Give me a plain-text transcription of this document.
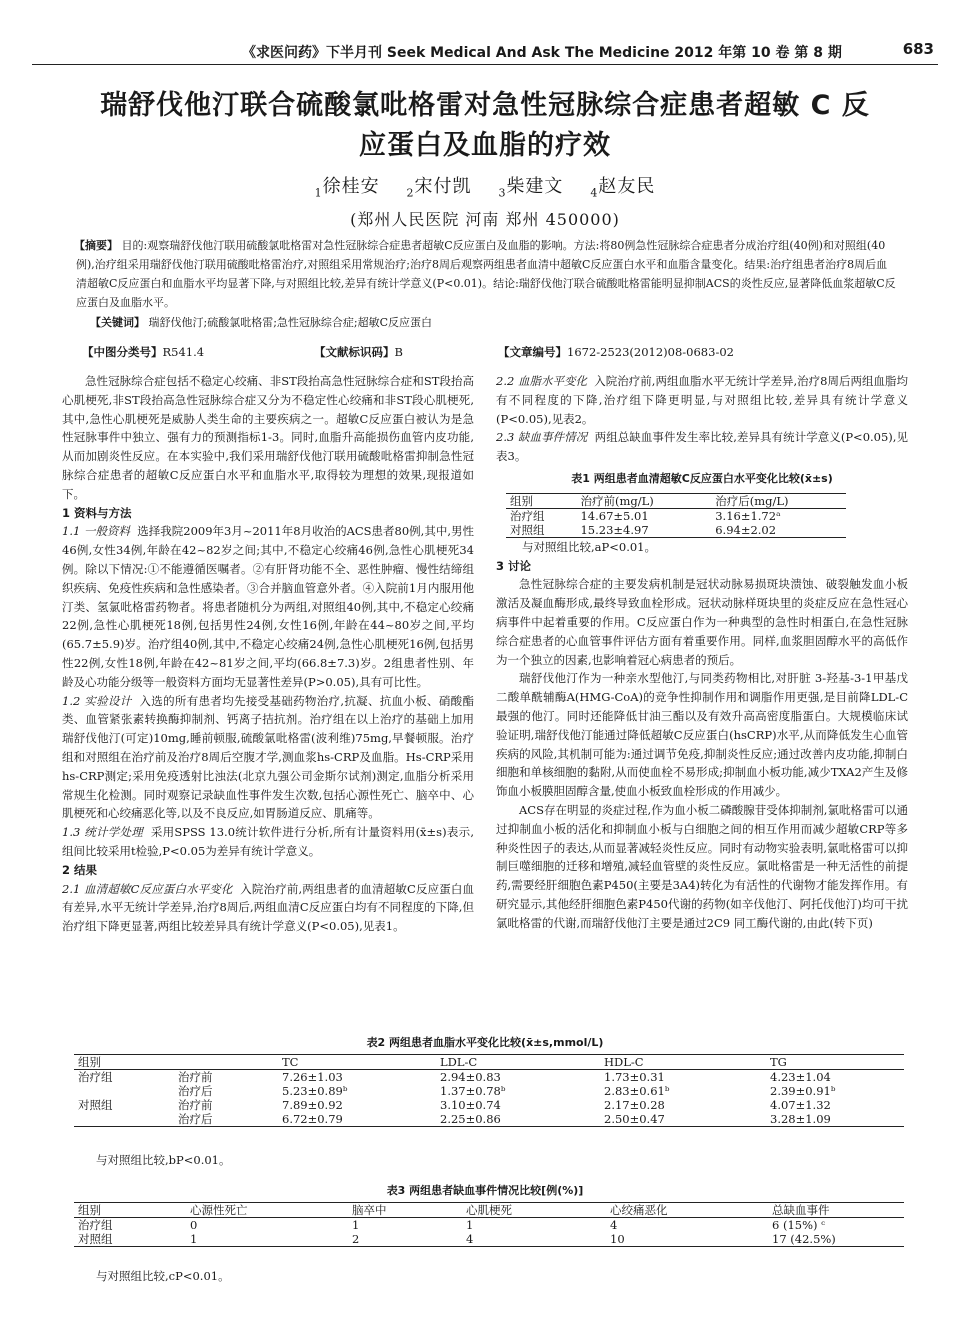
《求医问药》下半月刊 Seek Medical And Ask The Medicine 2012 年第 10 卷 第 8 期	683
瑞舒伐他汀联合硫酸氯吡格雷对急性冠脉综合症患者超敏 C 反
应蛋白及血脂的疗效
$_1$徐桂安 $_2$宋付凯 $_3$柴建文 $_4$赵友民
(郑州人民医院 河南 郑州 450000)
【摘要】 目的:观察瑞舒伐他汀联用硫酸氯吡格雷对急性冠脉综合症患者超敏C反应蛋白及血脂的影响。方法:将80例急性冠脉综合症患者分成治疗组(40例)和对照组(40例),治疗组采用瑞舒伐他汀联用硫酸吡格雷治疗,对照组采用常规治疗;治疗8周后观察两组患者血清中超敏C反应蛋白水平和血脂含量变化。结果:治疗组患者治疗8周后血清超敏C反应蛋白和血脂水平均显著下降,与对照组比较,差异有统计学意义(P<0.01)。结论:瑞舒伐他汀联合硫酸吡格雷能明显抑制ACS的炎性反应,显著降低血浆超敏C反应蛋白及血脂水平。
【关键词】 瑞舒伐他汀;硫酸氯吡格雷;急性冠脉综合症;超敏C反应蛋白
【中图分类号】R541.4	【文献标识码】B	【文章编号】1672-2523(2012)08-0683-02

急性冠脉综合症包括不稳定心绞痛、非ST段抬高急性冠脉综合症和ST段抬高心肌梗死,非ST段抬高急性冠脉综合症又分为不稳定性心绞痛和非ST段心肌梗死,其中,急性心肌梗死是威胁人类生命的主要疾病之一。超敏C反应蛋白被认为是急性冠脉事件中独立、强有力的预测指标1-3。同时,血脂升高能损伤血管内皮功能,从而加剧炎性反应。在本实验中,我们采用瑞舒伐他汀联用硫酸吡格雷抑制急性冠脉综合症患者的超敏C反应蛋白水平和血脂水平,取得较为理想的效果,现报道如下。

1 资料与方法

1.1 一般资料 选择我院2009年3月~2011年8月收治的ACS患者80例,其中,男性46例,女性34例,年龄在42~82岁之间;其中,不稳定心绞痛46例,急性心肌梗死34例。除以下情况:①不能遵循医嘱者。②有肝肾功能不全、恶性肿瘤、慢性结缔组织疾病、免疫性疾病和急性感染者。③合并脑血管意外者。④入院前1月内服用他汀类、氢氯吡格雷药物者。将患者随机分为两组,对照组40例,其中,不稳定心绞痛22例,急性心肌梗死18例,包括男性24例,女性16例,年龄在44~80岁之间,平均(65.7±5.9)岁。治疗组40例,其中,不稳定心绞痛24例,急性心肌梗死16例,包括男性22例,女性18例,年龄在42~81岁之间,平均(66.8±7.3)岁。2组患者性别、年龄及心功能分级等一般资料方面均无显著性差异(P>0.05),具有可比性。

1.2 实验设计 入选的所有患者均先接受基础药物治疗,抗凝、抗血小板、硝酸酯类、血管紧张素转换酶抑制剂、钙离子拮抗剂。治疗组在以上治疗的基础上加用瑞舒伐他汀(可定)10mg,睡前顿服,硫酸氯吡格雷(波利维)75mg,早餐顿服。治疗组和对照组在治疗前及治疗8周后空腹才学,测血浆hs-CRP及血脂。Hs-CRP采用hs-CRP测定;采用免疫透射比浊法(北京九强公司金斯尔试剂)测定,血脂分析采用常规生化检测。同时观察记录缺血性事件发生次数,包括心源性死亡、脑卒中、心肌梗死和心绞痛恶化等,以及不良反应,如胃肠道反应、肌痛等。

1.3 统计学处理 采用SPSS 13.0统计软件进行分析,所有计量资料用(x̄±s)表示,组间比较采用t检验,P<0.05为差异有统计学意义。

2 结果

2.1 血清超敏C反应蛋白水平变化 入院治疗前,两组患者的血清超敏C反应蛋白血有差异,水平无统计学差异,治疗8周后,两组血清C反应蛋白均有不同程度的下降,但治疗组下降更显著,两组比较差异具有统计学意义(P<0.05),见表1。

2.2 血脂水平变化 入院治疗前,两组血脂水平无统计学差异,治疗8周后两组血脂均有不同程度的下降,治疗组下降更明显,与对照组比较,差异具有统计学意义(P<0.05),见表2。

2.3 缺血事件情况 两组总缺血事件发生率比较,差异具有统计学意义(P<0.05),见表3。

表1 两组患者血清超敏C反应蛋白水平变化比较(x̄±s)
组别	治疗前(mg/L)	治疗后(mg/L)
治疗组	14.67±5.01	3.16±1.72ᵃ
对照组	15.23±4.97	6.94±2.02

与对照组比较,aP<0.01。

3 讨论

急性冠脉综合症的主要发病机制是冠状动脉易损斑块溃蚀、破裂触发血小板激活及凝血酶形成,最终导致血栓形成。冠状动脉样斑块里的炎症反应在急性冠心病事件中起着重要的作用。C反应蛋白作为一种典型的急性时相蛋白,在急性冠脉综合症患者的心血管事件评估方面有着重要作用。同样,血浆胆固醇水平的高低作为一个独立的因素,也影响着冠心病患者的预后。

瑞舒伐他汀作为一种亲水型他汀,与同类药物相比,对肝脏 3-羟基-3-1甲基戊二酸单酰辅酶A(HMG-CoA)的竞争性抑制作用和调脂作用更强,是目前降LDL-C最强的他汀。同时还能降低甘油三酯以及有效升高高密度脂蛋白。大规模临床试验证明,瑞舒伐他汀能通过降低超敏C反应蛋白(hsCRP)水平,从而降低发生心血管疾病的风险,其机制可能为:通过调节免疫,抑制炎性反应;通过改善内皮功能,抑制白细胞和单核细胞的黏附,从而使血栓不易形成;抑制血小板功能,减少TXA2产生及修饰血小板膜胆固醇含量,使血小板致血栓形成的作用减少。

ACS存在明显的炎症过程,作为血小板二磷酸腺苷受体抑制剂,氯吡格雷可以通过抑制血小板的活化和抑制血小板与白细胞之间的相互作用而减少超敏CRP等多种炎性因子的表达,从而显著减轻炎性反应。同时有动物实验表明,氯吡格雷可以抑制巨噬细胞的迁移和增殖,减轻血管壁的炎性反应。氯吡格雷是一种无活性的前提药,需要经肝细胞色素P450(主要是3A4)转化为有活性的代谢物才能发挥作用。有研究显示,其他经肝细胞色素P450代谢的药物(如辛伐他汀、阿托伐他汀)均可干扰氯吡格雷的代谢,而瑞舒伐他汀主要是通过2C9 同工酶代谢的,由此(转下页)

表2 两组患者血脂水平变化比较(x̄±s,mmol/L)
组别		TC	LDL-C	HDL-C	TG
治疗组	治疗前	7.26±1.03	2.94±0.83	1.73±0.31	4.23±1.04
	治疗后	5.23±0.89ᵇ	1.37±0.78ᵇ	2.83±0.61ᵇ	2.39±0.91ᵇ
对照组	治疗前	7.89±0.92	3.10±0.74	2.17±0.28	4.07±1.32
	治疗后	6.72±0.79	2.25±0.86	2.50±0.47	3.28±1.09
与对照组比较,bP<0.01。
表3 两组患者缺血事件情况比较[例(%)]
组别	心源性死亡	脑卒中	心肌梗死	心绞痛恶化	总缺血事件
治疗组	0	1	1	4	6 (15%) ᶜ
对照组	1	2	4	10	17 (42.5%)
与对照组比较,cP<0.01。
